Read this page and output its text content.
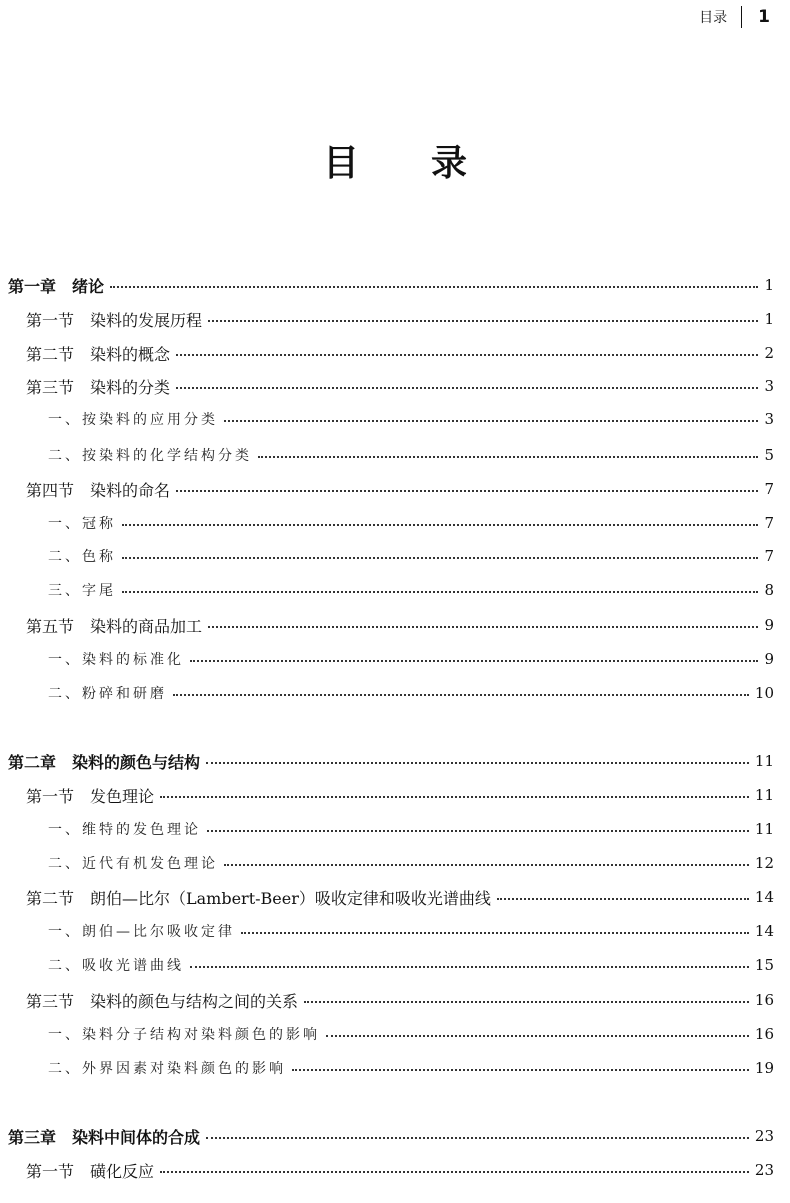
目录 1
目录
第一章　绪论	1
第一节　染料的发展历程	1
第二节　染料的概念	2
第三节　染料的分类	3
一、按染料的应用分类	3
二、按染料的化学结构分类	5
第四节　染料的命名	7
一、冠称	7
二、色称	7
三、字尾	8
第五节　染料的商品加工	9
一、染料的标准化	9
二、粉碎和研磨	10
第二章　染料的颜色与结构	11
第一节　发色理论	11
一、维特的发色理论	11
二、近代有机发色理论	12
第二节　朗伯—比尔（Lambert-Beer）吸收定律和吸收光谱曲线	14
一、朗伯—比尔吸收定律	14
二、吸收光谱曲线	15
第三节　染料的颜色与结构之间的关系	16
一、染料分子结构对染料颜色的影响	16
二、外界因素对染料颜色的影响	19
第三章　染料中间体的合成	23
第一节　磺化反应	23
